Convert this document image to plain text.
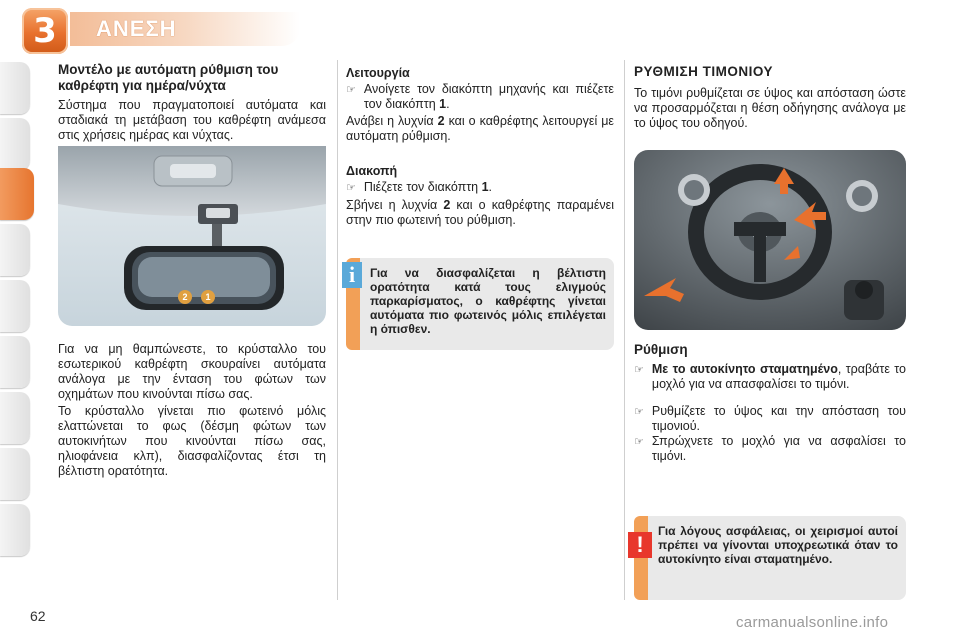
3	ΑΝΕΣΗ
Μοντέλο με αυτόματη ρύθμιση του καθρέφτη για ημέρα/νύχτα
Σύστημα που πραγματοποιεί αυτόματα και σταδιακά τη μετάβαση του καθρέφτη ανάμεσα στις χρήσεις ημέρας και νύχτας.
2	1
Για να μη θαμπώνεστε, το κρύσταλλο του εσωτερικού καθρέφτη σκουραίνει αυτόματα ανάλογα με την ένταση του φώτων των οχημάτων που κινούνται πίσω σας.
Το κρύσταλλο γίνεται πιο φωτεινό μόλις ελαττώνεται το φως (δέσμη φώτων των αυτοκινήτων που κινούνται πίσω σας, ηλιοφάνεια κλπ), διασφαλίζοντας έτσι τη βέλτιστη ορατότητα.
Λειτουργία
☞ Ανοίγετε τον διακόπτη μηχανής και πιέζετε τον διακόπτη 1.
Ανάβει η λυχνία 2 και ο καθρέφτης λειτουργεί με αυτόματη ρύθμιση.
Διακοπή
☞ Πιέζετε τον διακόπτη 1.
Σβήνει η λυχνία 2 και ο καθρέφτης παραμένει στην πιο φωτεινή του ρύθμιση.
i	Για να διασφαλίζεται η βέλτιστη ορατότητα κατά τους ελιγμούς παρκαρίσματος, ο καθρέφτης γίνεται αυτόματα πιο φωτεινός μόλις επιλέγεται η όπισθεν.
ΡΥΘΜΙΣΗ ΤΙΜΟΝΙΟΥ
Το τιμόνι ρυθμίζεται σε ύψος και απόσταση ώστε να προσαρμόζεται η θέση οδήγησης ανάλογα με το ύψος του οδηγού.
Ρύθμιση
☞ Με το αυτοκίνητο σταματημένο, τραβάτε το μοχλό για να απασφαλίσει το τιμόνι.
☞ Ρυθμίζετε το ύψος και την απόσταση του τιμονιού.
☞ Σπρώχνετε το μοχλό για να ασφαλίσει το τιμόνι.
!
Για λόγους ασφάλειας, οι χειρισμοί αυτοί πρέπει να γίνονται υποχρεωτικά όταν το αυτοκίνητο είναι σταματημένο.
62	carmanualsonline.info
